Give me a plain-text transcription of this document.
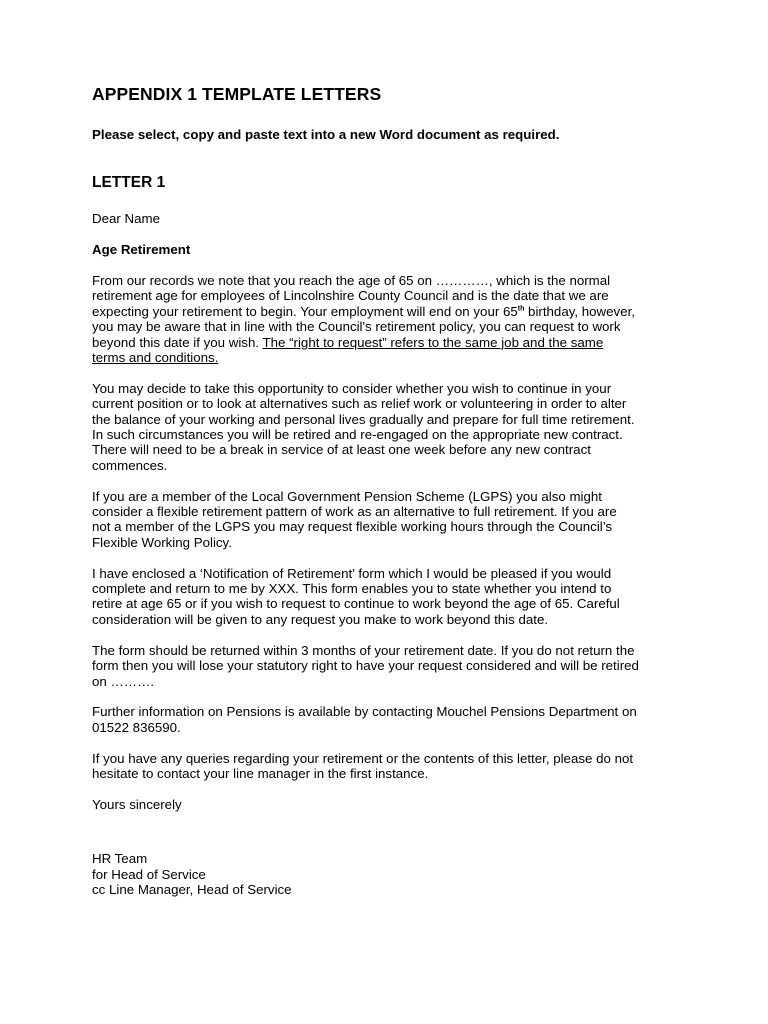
APPENDIX 1 TEMPLATE LETTERS

Please select, copy and paste text into a new Word document as required.

LETTER 1

Dear Name

Age Retirement

From our records we note that you reach the age of 65 on …………, which is the normal
retirement age for employees of Lincolnshire County Council and is the date that we are
expecting your retirement to begin. Your employment will end on your 65th birthday, however,
you may be aware that in line with the Council's retirement policy, you can request to work
beyond this date if you wish. The “right to request” refers to the same job and the same
terms and conditions.

You may decide to take this opportunity to consider whether you wish to continue in your
current position or to look at alternatives such as relief work or volunteering in order to alter
the balance of your working and personal lives gradually and prepare for full time retirement.
In such circumstances you will be retired and re-engaged on the appropriate new contract.
There will need to be a break in service of at least one week before any new contract
commences.

If you are a member of the Local Government Pension Scheme (LGPS) you also might
consider a flexible retirement pattern of work as an alternative to full retirement. If you are
not a member of the LGPS you may request flexible working hours through the Council’s
Flexible Working Policy.

I have enclosed a ‘Notification of Retirement’ form which I would be pleased if you would
complete and return to me by XXX. This form enables you to state whether you intend to
retire at age 65 or if you wish to request to continue to work beyond the age of 65. Careful
consideration will be given to any request you make to work beyond this date.

The form should be returned within 3 months of your retirement date. If you do not return the
form then you will lose your statutory right to have your request considered and will be retired
on ……….

Further information on Pensions is available by contacting Mouchel Pensions Department on
01522 836590.

If you have any queries regarding your retirement or the contents of this letter, please do not
hesitate to contact your line manager in the first instance.

Yours sincerely

HR Team
for Head of Service
cc Line Manager, Head of Service
